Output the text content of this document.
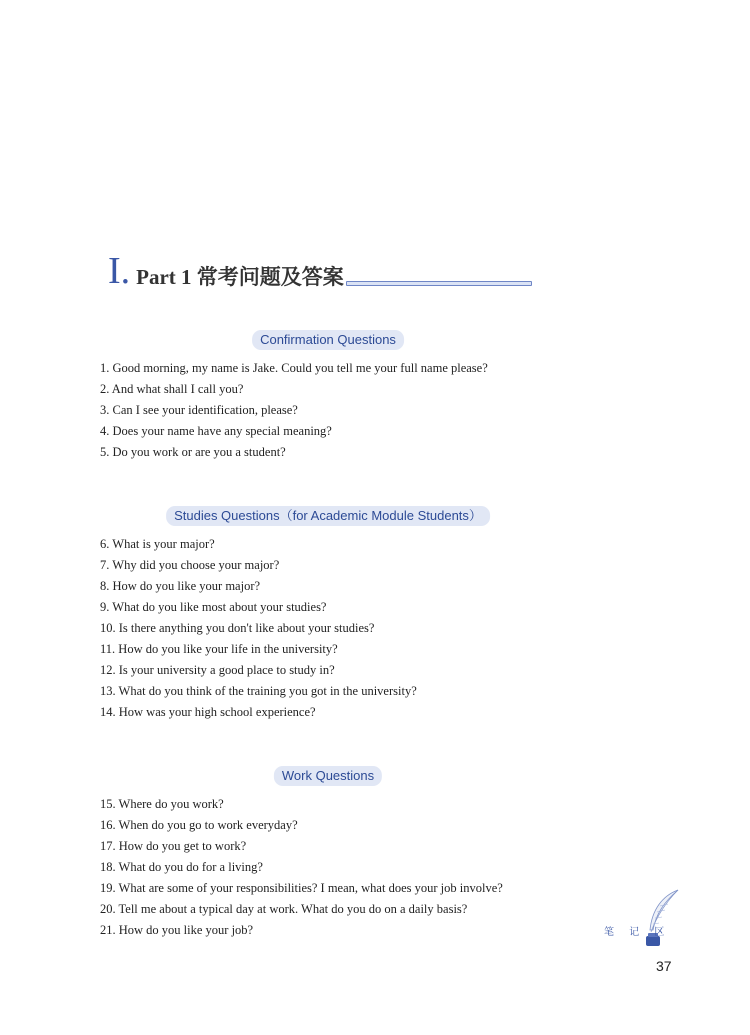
I. Part 1 常考问题及答案
Confirmation Questions
1. Good morning, my name is Jake. Could you tell me your full name please?
2. And what shall I call you?
3. Can I see your identification, please?
4. Does your name have any special meaning?
5. Do you work or are you a student?
Studies Questions（for Academic Module Students）
6. What is your major?
7. Why did you choose your major?
8. How do you like your major?
9. What do you like most about your studies?
10. Is there anything you don't like about your studies?
11. How do you like your life in the university?
12. Is your university a good place to study in?
13. What do you think of the training you got in the university?
14. How was your high school experience?
Work Questions
15. Where do you work?
16. When do you go to work everyday?
17. How do you get to work?
18. What do you do for a living?
19. What are some of your responsibilities? I mean, what does your job involve?
20. Tell me about a typical day at work. What do you do on a daily basis?
21. How do you like your job?	笔 记 区
37
